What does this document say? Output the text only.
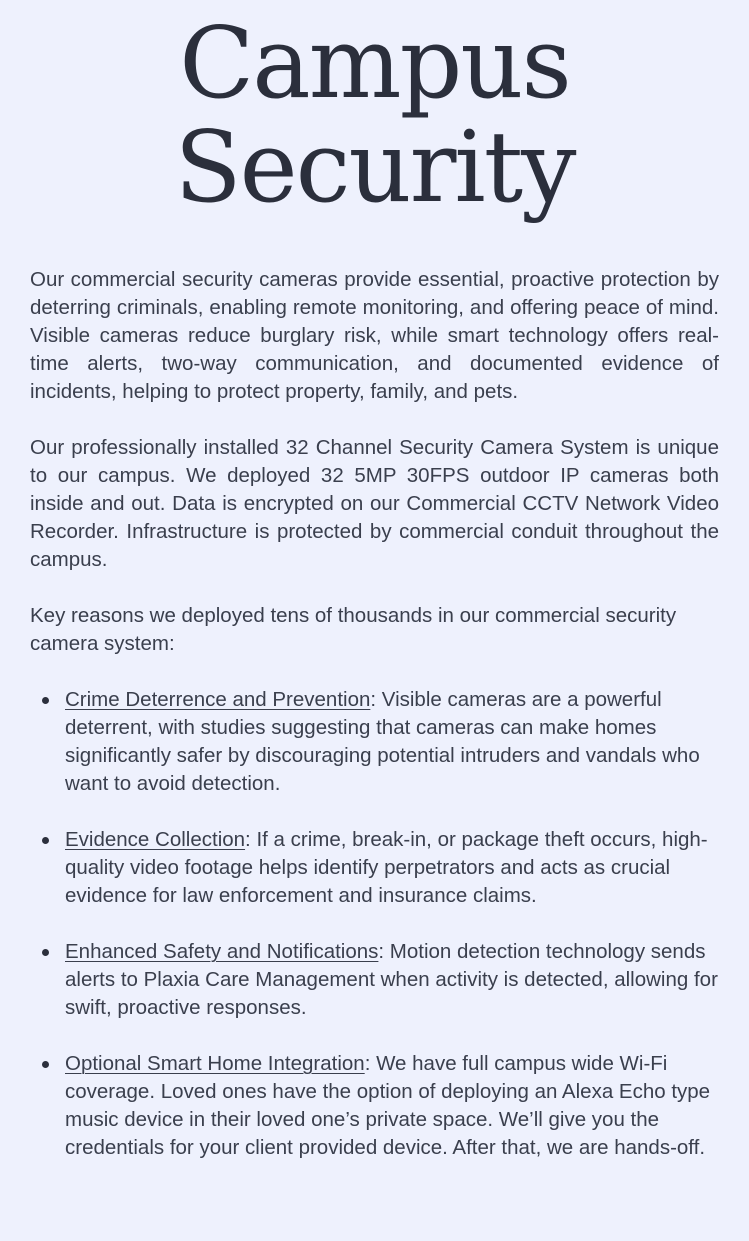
Campus
Security

Our commercial security cameras provide essential, proactive protection by deterring criminals, enabling remote monitoring, and offering peace of mind. Visible cameras reduce burglary risk, while smart technology offers real-time alerts, two-way communication, and documented evidence of incidents, helping to protect property, family, and pets.

Our professionally installed 32 Channel Security Camera System is unique to our campus. We deployed 32 5MP 30FPS outdoor IP cameras both inside and out. Data is encrypted on our Commercial CCTV Network Video Recorder. Infrastructure is protected by commercial conduit throughout the campus.

Key reasons we deployed tens of thousands in our commercial security camera system:

Crime Deterrence and Prevention: Visible cameras are a powerful deterrent, with studies suggesting that cameras can make homes significantly safer by discouraging potential intruders and vandals who want to avoid detection.
Evidence Collection: If a crime, break-in, or package theft occurs, high-quality video footage helps identify perpetrators and acts as crucial evidence for law enforcement and insurance claims.
Enhanced Safety and Notifications: Motion detection technology sends alerts to Plaxia Care Management when activity is detected, allowing for swift, proactive responses.
Optional Smart Home Integration: We have full campus wide Wi-Fi coverage. Loved ones have the option of deploying an Alexa Echo type music device in their loved one’s private space. We’ll give you the credentials for your client provided device. After that, we are hands-off.
